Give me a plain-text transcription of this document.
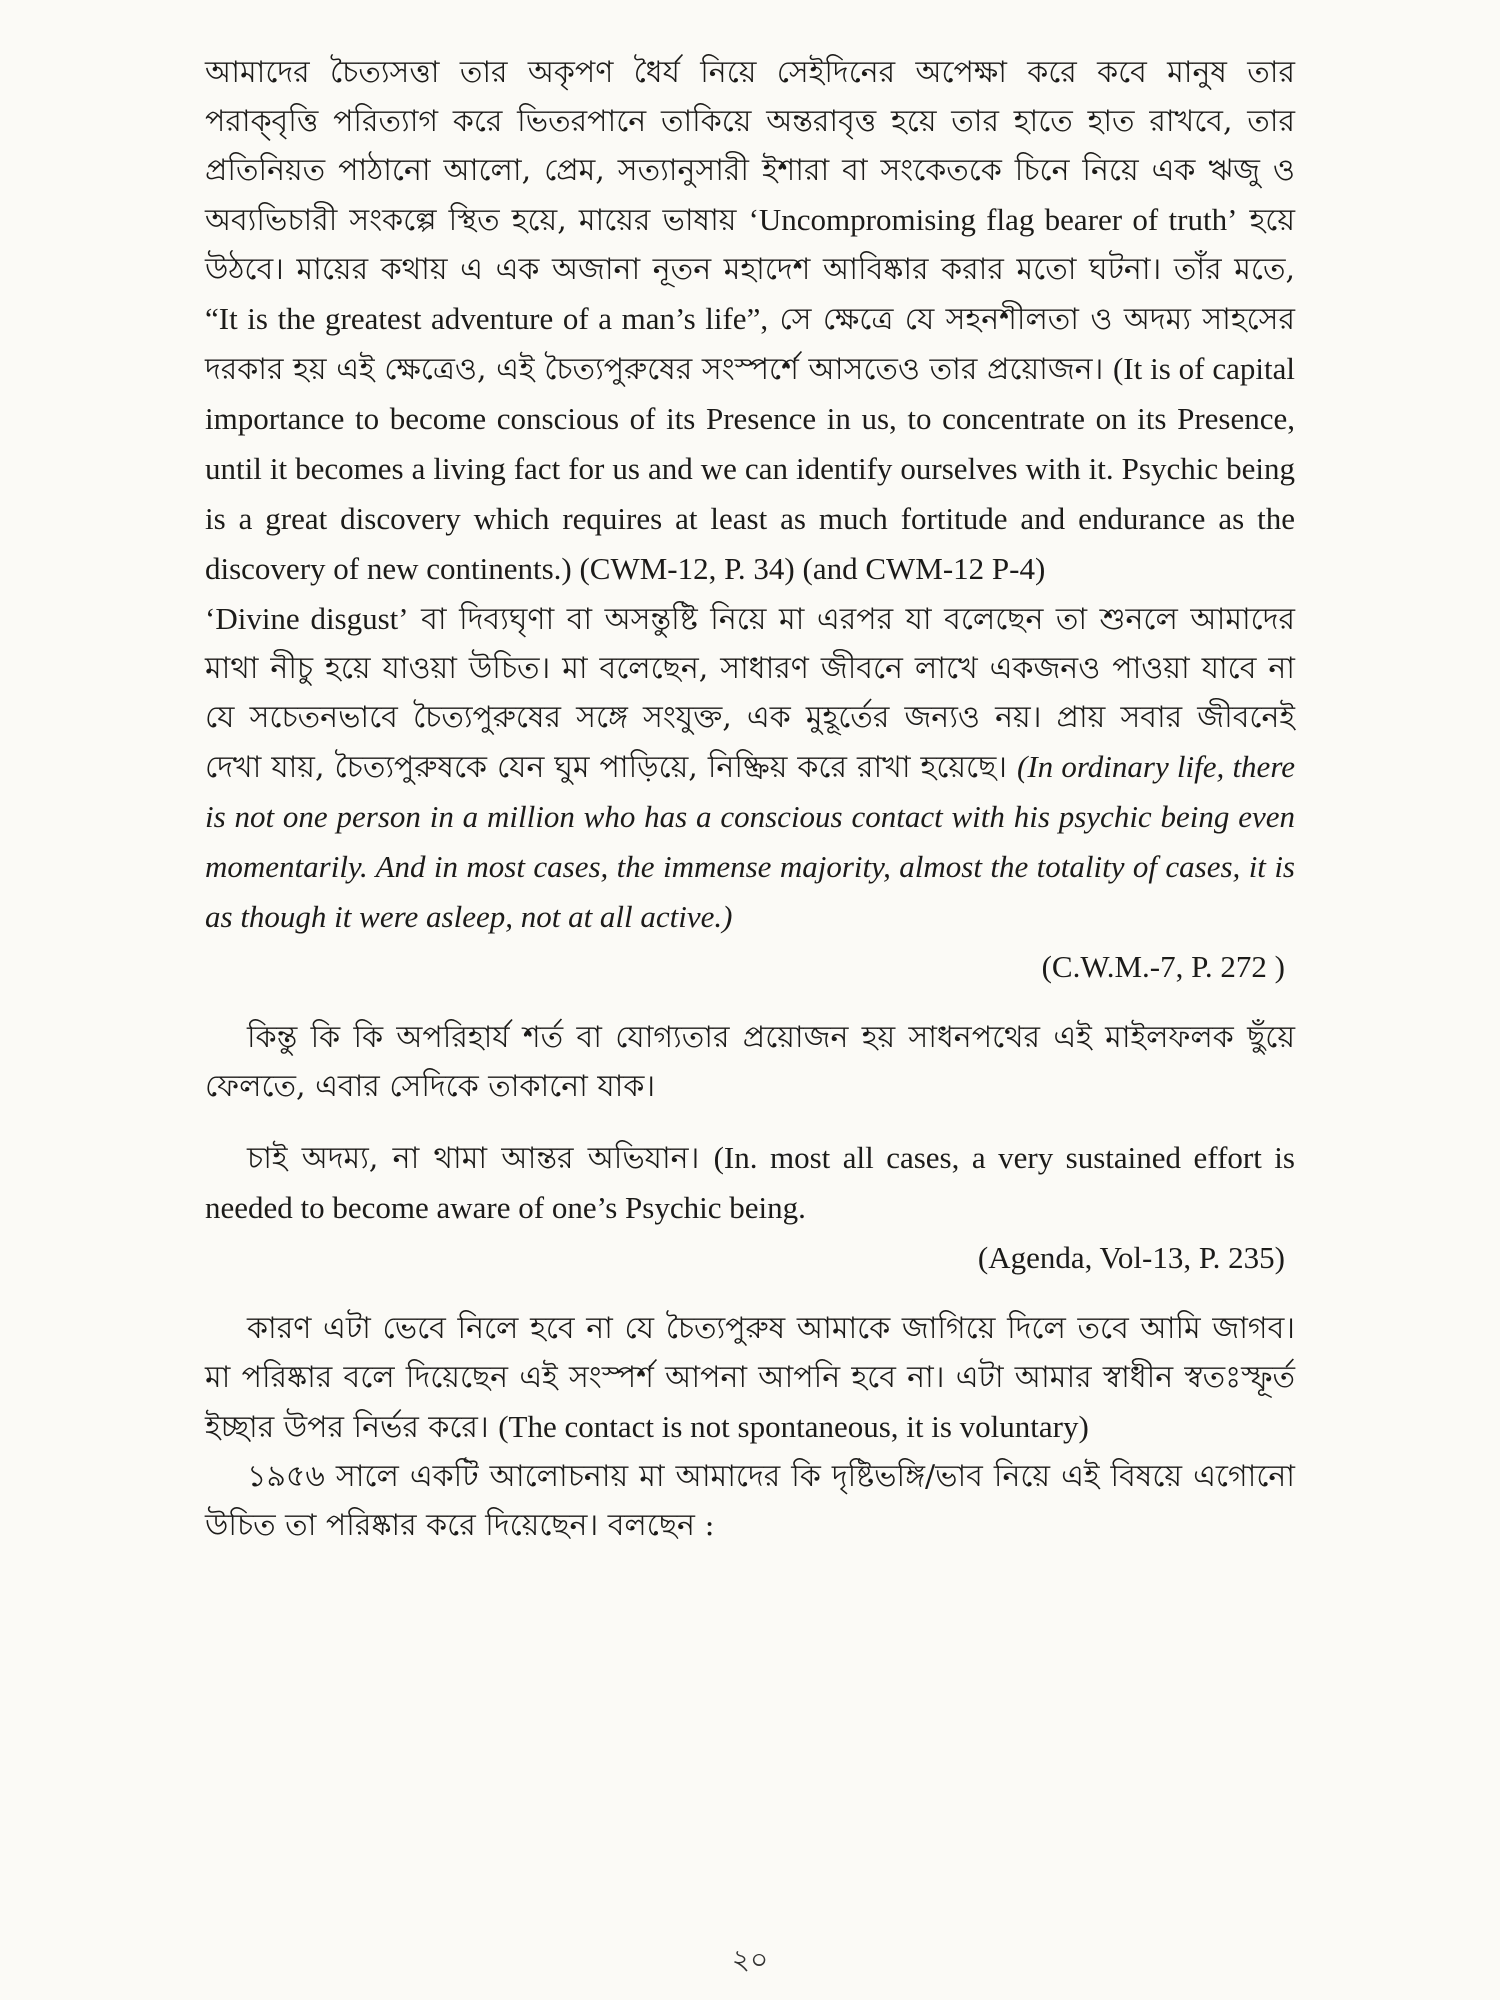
আমাদের চৈত্যসত্তা তার অকৃপণ ধৈর্য নিয়ে সেইদিনের অপেক্ষা করে কবে মানুষ তার পরাক্‌বৃত্তি পরিত্যাগ করে ভিতরপানে তাকিয়ে অন্তরাবৃত্ত হয়ে তার হাতে হাত রাখবে, তার প্রতিনিয়ত পাঠানো আলো, প্রেম, সত্যানুসারী ইশারা বা সংকেতকে চিনে নিয়ে এক ঋজু ও অব্যভিচারী সংকল্পে স্থিত হয়ে, মায়ের ভাষায় ‘Uncompromising flag bearer of truth’ হয়ে উঠবে। মায়ের কথায় এ এক অজানা নূতন মহাদেশ আবিষ্কার করার মতো ঘটনা। তাঁর মতে, “It is the greatest adventure of a man’s life”, সে ক্ষেত্রে যে সহনশীলতা ও অদম্য সাহসের দরকার হয় এই ক্ষেত্রেও, এই চৈত্যপুরুষের সংস্পর্শে আসতেও তার প্রয়োজন। (It is of capital importance to become conscious of its Presence in us, to concentrate on its Presence, until it becomes a living fact for us and we can identify ourselves with it. Psychic being is a great discovery which requires at least as much fortitude and endurance as the discovery of new continents.) (CWM-12, P. 34) (and CWM-12 P-4)

‘Divine disgust’ বা দিব্যঘৃণা বা অসন্তুষ্টি নিয়ে মা এরপর যা বলেছেন তা শুনলে আমাদের মাথা নীচু হয়ে যাওয়া উচিত। মা বলেছেন, সাধারণ জীবনে লাখে একজনও পাওয়া যাবে না যে সচেতনভাবে চৈত্যপুরুষের সঙ্গে সংযুক্ত, এক মুহূর্তের জন্যও নয়। প্রায় সবার জীবনেই দেখা যায়, চৈত্যপুরুষকে যেন ঘুম পাড়িয়ে, নিষ্ক্রিয় করে রাখা হয়েছে। (In ordinary life, there is not one person in a million who has a conscious contact with his psychic being even momentarily. And in most cases, the immense majority, almost the totality of cases, it is as though it were asleep, not at all active.)

(C.W.M.-7, P. 272 )

কিন্তু কি কি অপরিহার্য শর্ত বা যোগ্যতার প্রয়োজন হয় সাধনপথের এই মাইলফলক ছুঁয়ে ফেলতে, এবার সেদিকে তাকানো যাক।

চাই অদম্য, না থামা আন্তর অভিযান। (In. most all cases, a very sustained effort is needed to become aware of one’s Psychic being.

(Agenda, Vol-13, P. 235)

কারণ এটা ভেবে নিলে হবে না যে চৈত্যপুরুষ আমাকে জাগিয়ে দিলে তবে আমি জাগব। মা পরিষ্কার বলে দিয়েছেন এই সংস্পর্শ আপনা আপনি হবে না। এটা আমার স্বাধীন স্বতঃস্ফূর্ত ইচ্ছার উপর নির্ভর করে। (The contact is not spontaneous, it is voluntary)

১৯৫৬ সালে একটি আলোচনায় মা আমাদের কি দৃষ্টিভঙ্গি/ভাব নিয়ে এই বিষয়ে এগোনো উচিত তা পরিষ্কার করে দিয়েছেন। বলছেন :

২০
